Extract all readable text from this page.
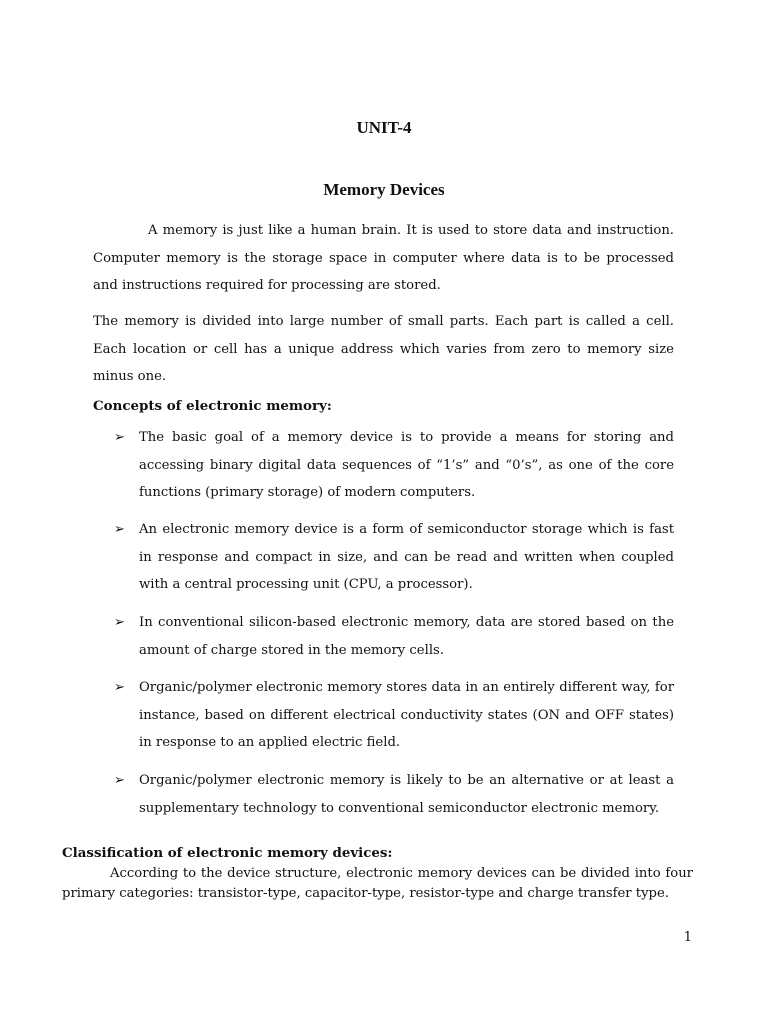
UNIT-4
Memory Devices

A memory is just like a human brain. It is used to store data and instruction. Computer memory is the storage space in computer where data is to be processed and instructions required for processing are stored.

The memory is divided into large number of small parts. Each part is called a cell. Each location or cell has a unique address which varies from zero to memory size minus one.

Concepts of electronic memory:
➢	The basic goal of a memory device is to provide a means for storing and accessing binary digital data sequences of “1’s” and “0’s”, as one of the core functions (primary storage) of modern computers.
➢	An electronic memory device is a form of semiconductor storage which is fast in response and compact in size, and can be read and written when coupled with a central processing unit (CPU, a processor).
➢	In conventional silicon-based electronic memory, data are stored based on the amount of charge stored in the memory cells.
➢	Organic/polymer electronic memory stores data in an entirely different way, for instance, based on different electrical conductivity states (ON and OFF states) in response to an applied electric field.
➢	Organic/polymer electronic memory is likely to be an alternative or at least a supplementary technology to conventional semiconductor electronic memory.
Classification of electronic memory devices:

According to the device structure, electronic memory devices can be divided into four primary categories: transistor-type, capacitor-type, resistor-type and charge transfer type.

1
